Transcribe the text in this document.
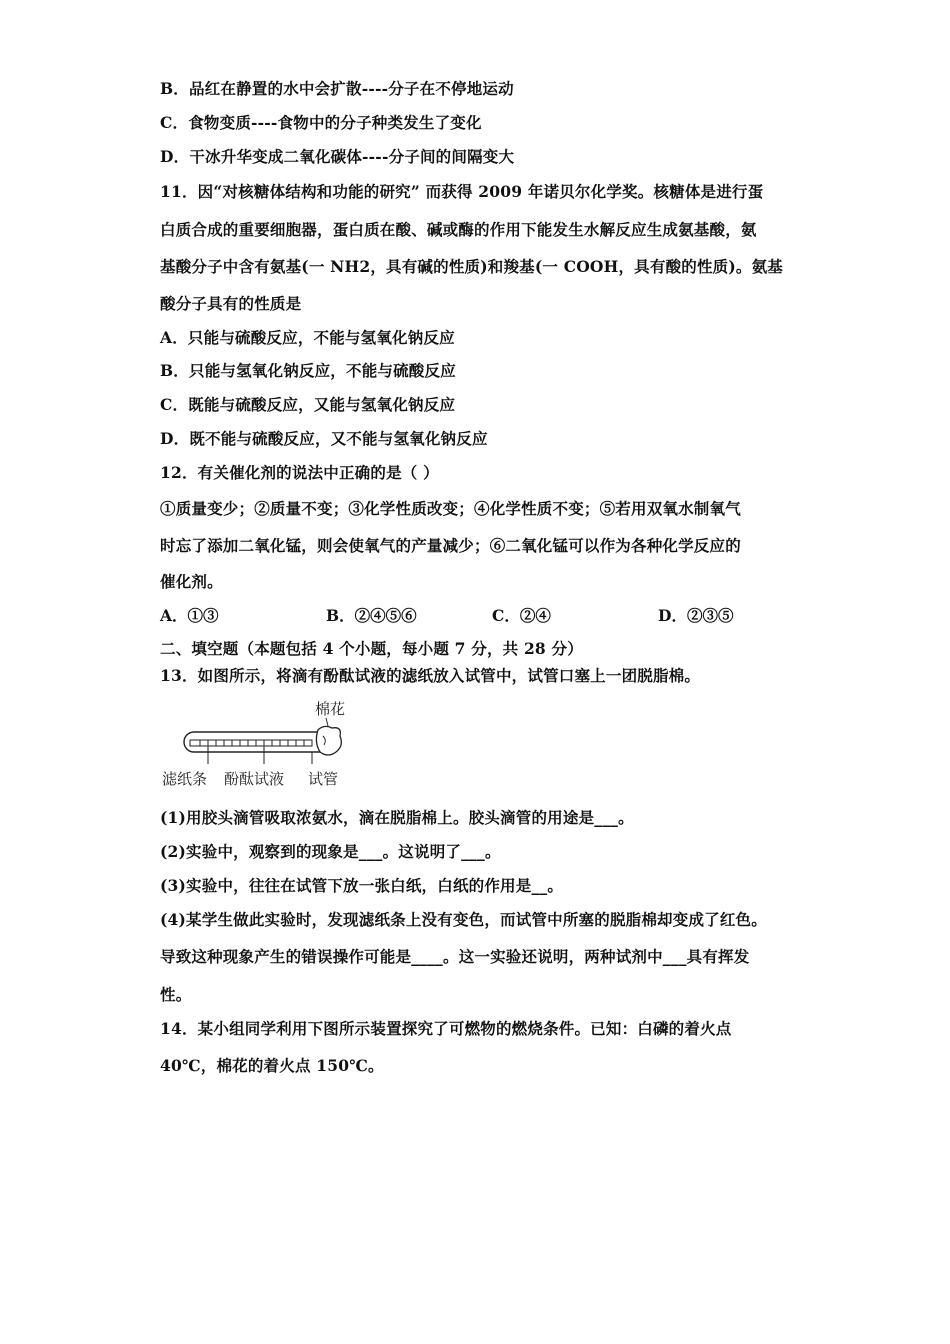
B．品红在静置的水中会扩散----分子在不停地运动
C．食物变质----食物中的分子种类发生了变化
D．干冰升华变成二氧化碳体----分子间的间隔变大
11．因“对核糖体结构和功能的研究” 而获得 2009 年诺贝尔化学奖。核糖体是进行蛋
白质合成的重要细胞器，蛋白质在酸、碱或酶的作用下能发生水解反应生成氨基酸，氨
基酸分子中含有氨基(一 NH2，具有碱的性质)和羧基(一 COOH，具有酸的性质)。氨基
酸分子具有的性质是
A．只能与硫酸反应，不能与氢氧化钠反应
B．只能与氢氧化钠反应，不能与硫酸反应
C．既能与硫酸反应，又能与氢氧化钠反应
D．既不能与硫酸反应，又不能与氢氧化钠反应
12．有关催化剂的说法中正确的是（ ）
①质量变少；②质量不变；③化学性质改变；④化学性质不变；⑤若用双氧水制氧气
时忘了添加二氧化锰，则会使氧气的产量减少；⑥二氧化锰可以作为各种化学反应的
催化剂。
A．①③	B．②④⑤⑥	C．②④	D．②③⑤
二、填空题（本题包括 4 个小题，每小题 7 分，共 28 分）
13．如图所示，将滴有酚酞试液的滤纸放入试管中，试管口塞上一团脱脂棉。
棉花
滤纸条 酚酞试液 试管
(1)用胶头滴管吸取浓氨水，滴在脱脂棉上。胶头滴管的用途是___。
(2)实验中，观察到的现象是___。这说明了___。
(3)实验中，往往在试管下放一张白纸，白纸的作用是__。
(4)某学生做此实验时，发现滤纸条上没有变色，而试管中所塞的脱脂棉却变成了红色。
导致这种现象产生的错误操作可能是____。这一实验还说明，两种试剂中___具有挥发
性。
14．某小组同学利用下图所示装置探究了可燃物的燃烧条件。已知：白磷的着火点
40℃，棉花的着火点 150℃。
